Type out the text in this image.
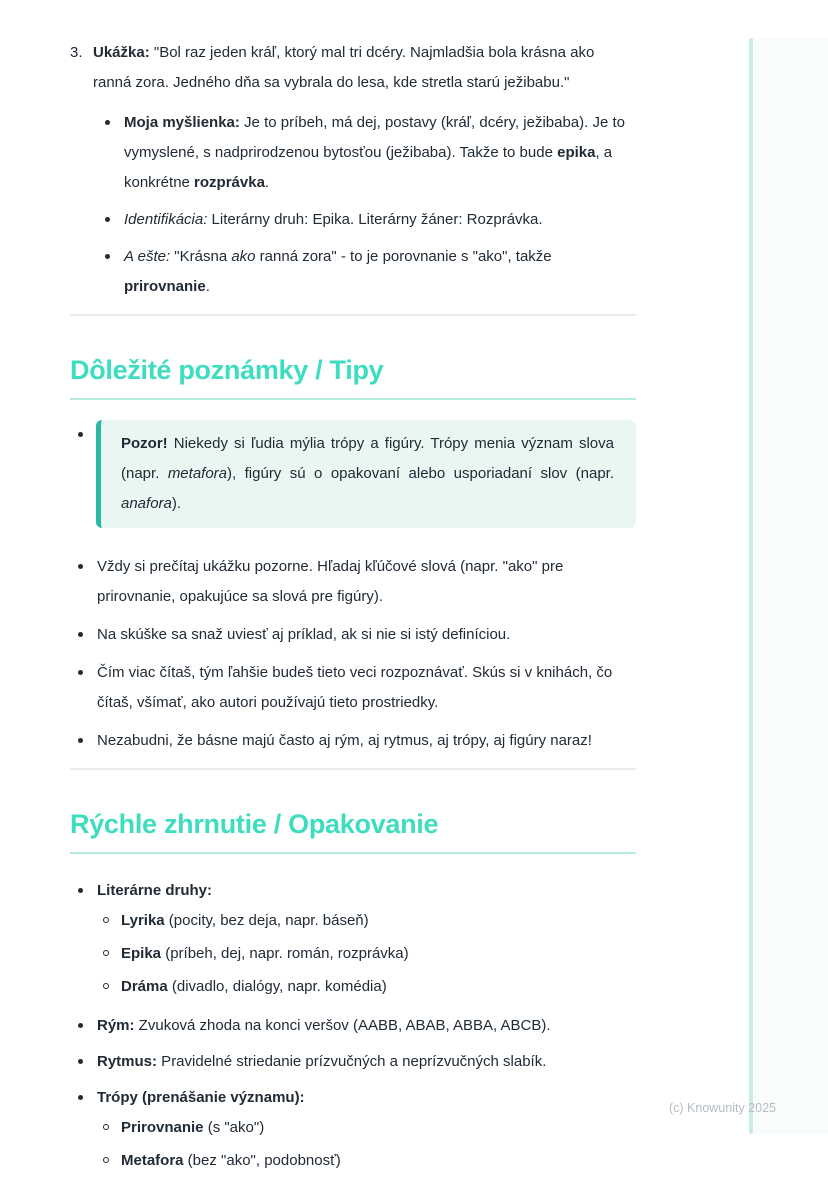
3. Ukážka: "Bol raz jeden kráľ, ktorý mal tri dcéry. Najmladšia bola krásna ako ranná zora. Jedného dňa sa vybrala do lesa, kde stretla starú ježibabu."
Moja myšlienka: Je to príbeh, má dej, postavy (kráľ, dcéry, ježibaba). Je to vymyslené, s nadprirodzenou bytosťou (ježibaba). Takže to bude epika, a konkrétne rozprávka.
Identifikácia: Literárny druh: Epika. Literárny žáner: Rozprávka.
A ešte: "Krásna ako ranná zora" - to je porovnanie s "ako", takže prirovnanie.
Dôležité poznámky / Tipy
Pozor! Niekedy si ľudia mýlia trópy a figúry. Trópy menia význam slova (napr. metafora), figúry sú o opakovaní alebo usporiadaní slov (napr. anafora).
Vždy si prečítaj ukážku pozorne. Hľadaj kľúčové slová (napr. "ako" pre prirovnanie, opakujúce sa slová pre figúry).
Na skúške sa snaž uviesť aj príklad, ak si nie si istý definíciou.
Čím viac čítaš, tým ľahšie budeš tieto veci rozpoznávať. Skús si v knihách, čo čítaš, všímať, ako autori používajú tieto prostriedky.
Nezabudni, že básne majú často aj rým, aj rytmus, aj trópy, aj figúry naraz!
Rýchle zhrnutie / Opakovanie
Literárne druhy:
Lyrika (pocity, bez deja, napr. báseň)
Epika (príbeh, dej, napr. román, rozprávka)
Dráma (divadlo, dialógy, napr. komédia)
Rým: Zvuková zhoda na konci veršov (AABB, ABAB, ABBA, ABCB).
Rytmus: Pravidelné striedanie prízvučných a neprízvučných slabík.
Trópy (prenášanie významu):
Prirovnanie (s "ako")
Metafora (bez "ako", podobnosť)
(c) Knowunity 2025
